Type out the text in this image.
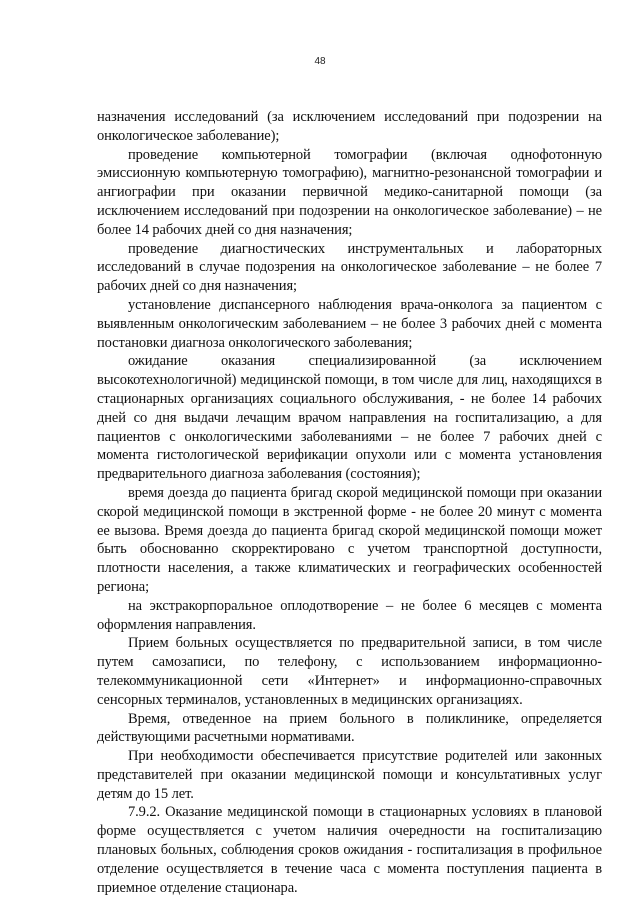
48

назначения исследований (за исключением исследований при подозрении на онкологическое заболевание);

проведение компьютерной томографии (включая однофотонную эмиссионную компьютерную томографию), магнитно-резонансной томографии и ангиографии при оказании первичной медико-санитарной помощи (за исключением исследований при подозрении на онкологическое заболевание) – не более 14 рабочих дней со дня назначения;

проведение диагностических инструментальных и лабораторных исследований в случае подозрения на онкологическое заболевание – не более 7 рабочих дней со дня назначения;

установление диспансерного наблюдения врача-онколога за пациентом с выявленным онкологическим заболеванием – не более 3 рабочих дней с момента постановки диагноза онкологического заболевания;

ожидание оказания специализированной (за исключением высокотехнологичной) медицинской помощи, в том числе для лиц, находящихся в стационарных организациях социального обслуживания, - не более 14 рабочих дней со дня выдачи лечащим врачом направления на госпитализацию, а для пациентов с онкологическими заболеваниями – не более 7 рабочих дней с момента гистологической верификации опухоли или с момента установления предварительного диагноза заболевания (состояния);

время доезда до пациента бригад скорой медицинской помощи при оказании скорой медицинской помощи в экстренной форме - не более 20 минут с момента ее вызова. Время доезда до пациента бригад скорой медицинской помощи может быть обоснованно скорректировано с учетом транспортной доступности, плотности населения, а также климатических и географических особенностей региона;

на экстракорпоральное оплодотворение – не более 6 месяцев с момента оформления направления.

Прием больных осуществляется по предварительной записи, в том числе путем самозаписи, по телефону, с использованием информационно-телекоммуникационной сети «Интернет» и информационно-справочных сенсорных терминалов, установленных в медицинских организациях.

Время, отведенное на прием больного в поликлинике, определяется действующими расчетными нормативами.

При необходимости обеспечивается присутствие родителей или законных представителей при оказании медицинской помощи и консультативных услуг детям до 15 лет.

7.9.2. Оказание медицинской помощи в стационарных условиях в плановой форме осуществляется с учетом наличия очередности на госпитализацию плановых больных, соблюдения сроков ожидания - госпитализация в профильное отделение осуществляется в течение часа с момента поступления пациента в приемное отделение стационара.
